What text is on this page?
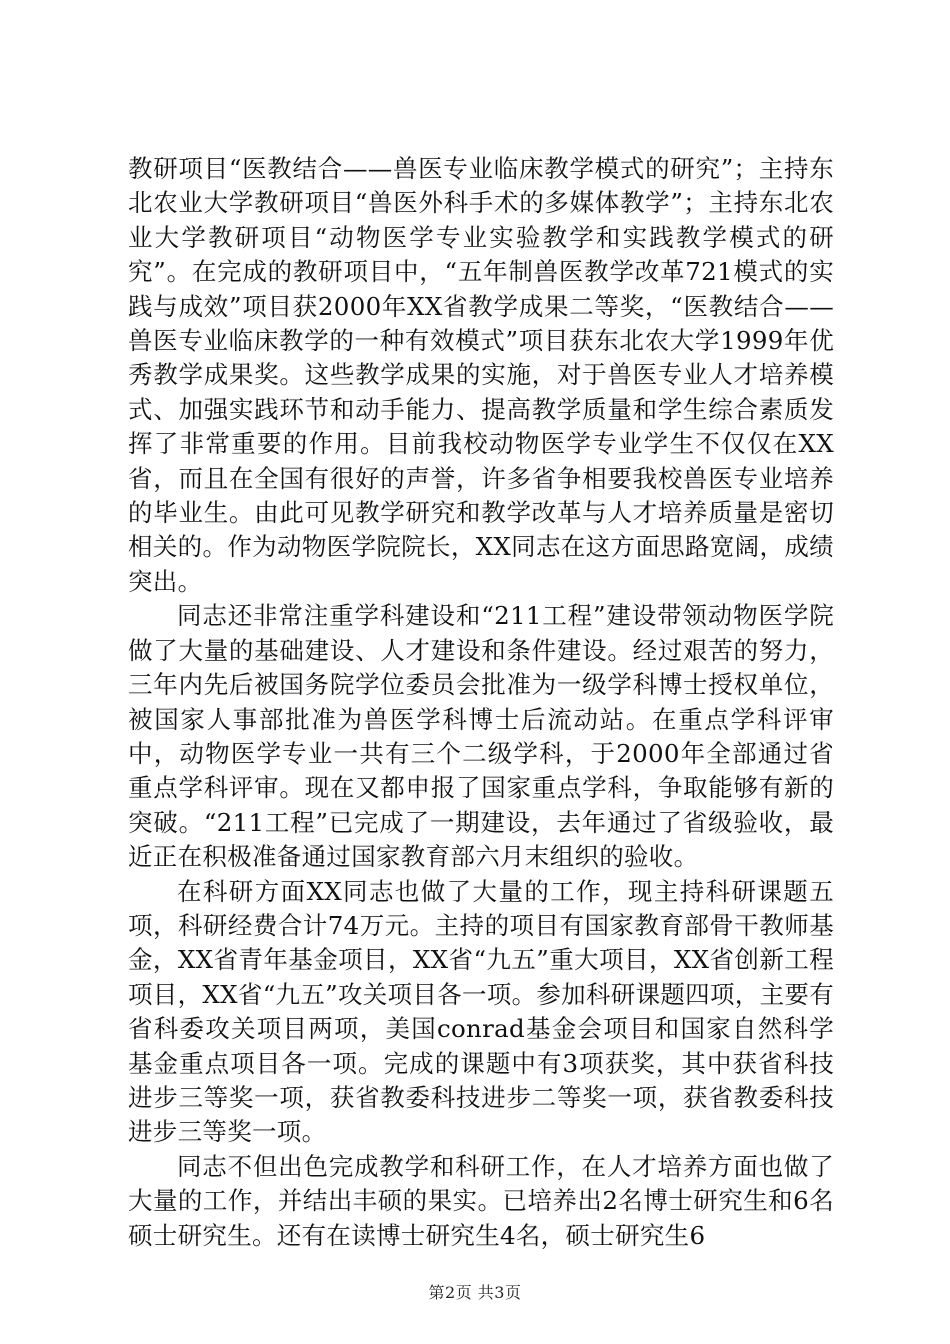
教研项目“医教结合——兽医专业临床教学模式的研究”；主持东北农业大学教研项目“兽医外科手术的多媒体教学”；主持东北农业大学教研项目“动物医学专业实验教学和实践教学模式的研究”。在完成的教研项目中，“五年制兽医教学改革721模式的实践与成效”项目获2000年XX省教学成果二等奖，“医教结合——兽医专业临床教学的一种有效模式”项目获东北农大学1999年优秀教学成果奖。这些教学成果的实施，对于兽医专业人才培养模式、加强实践环节和动手能力、提高教学质量和学生综合素质发挥了非常重要的作用。目前我校动物医学专业学生不仅仅在XX省，而且在全国有很好的声誉，许多省争相要我校兽医专业培养的毕业生。由此可见教学研究和教学改革与人才培养质量是密切相关的。作为动物医学院院长，XX同志在这方面思路宽阔，成绩突出。

同志还非常注重学科建设和“211工程”建设带领动物医学院做了大量的基础建设、人才建设和条件建设。经过艰苦的努力，三年内先后被国务院学位委员会批准为一级学科博士授权单位，被国家人事部批准为兽医学科博士后流动站。在重点学科评审中，动物医学专业一共有三个二级学科，于2000年全部通过省重点学科评审。现在又都申报了国家重点学科，争取能够有新的突破。“211工程”已完成了一期建设，去年通过了省级验收，最近正在积极准备通过国家教育部六月末组织的验收。

在科研方面XX同志也做了大量的工作，现主持科研课题五项，科研经费合计74万元。主持的项目有国家教育部骨干教师基金，XX省青年基金项目，XX省“九五”重大项目，XX省创新工程项目，XX省“九五”攻关项目各一项。参加科研课题四项，主要有省科委攻关项目两项，美国conrad基金会项目和国家自然科学基金重点项目各一项。完成的课题中有3项获奖，其中获省科技进步三等奖一项，获省教委科技进步二等奖一项，获省教委科技进步三等奖一项。

同志不但出色完成教学和科研工作，在人才培养方面也做了大量的工作，并结出丰硕的果实。已培养出2名博士研究生和6名硕士研究生。还有在读博士研究生4名，硕士研究生6

第2页 共3页
